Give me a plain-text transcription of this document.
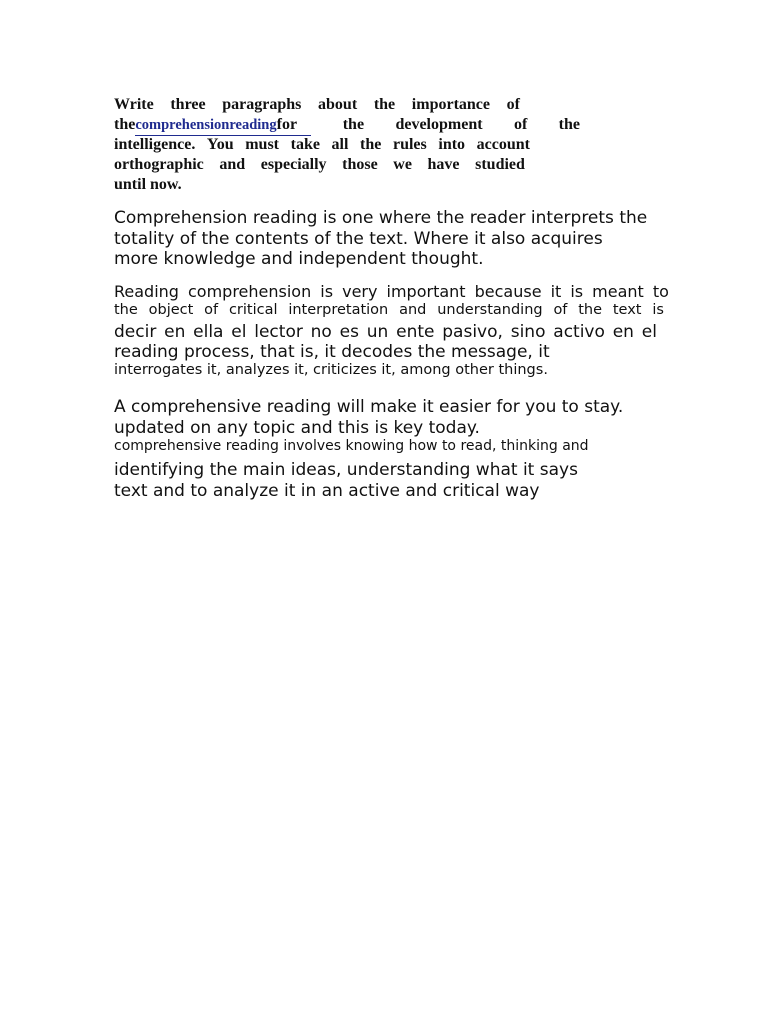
Write three paragraphs about the importance of
the comprehension reading for	the development of the
intelligence. You must take all the rules into account
orthographic and especially those we have studied
until now.
Comprehension reading is one where the reader interprets the
totality of the contents of the text. Where it also acquires
more knowledge and independent thought.
Reading comprehension is very important because it is meant to
the object of critical interpretation and understanding of the text is
decir en ella el lector no es un ente pasivo, sino activo en el
reading process, that is, it decodes the message, it
interrogates it, analyzes it, criticizes it, among other things.
A comprehensive reading will make it easier for you to stay.
updated on any topic and this is key today.
comprehensive reading involves knowing how to read, thinking and
identifying the main ideas, understanding what it says
text and to analyze it in an active and critical way
